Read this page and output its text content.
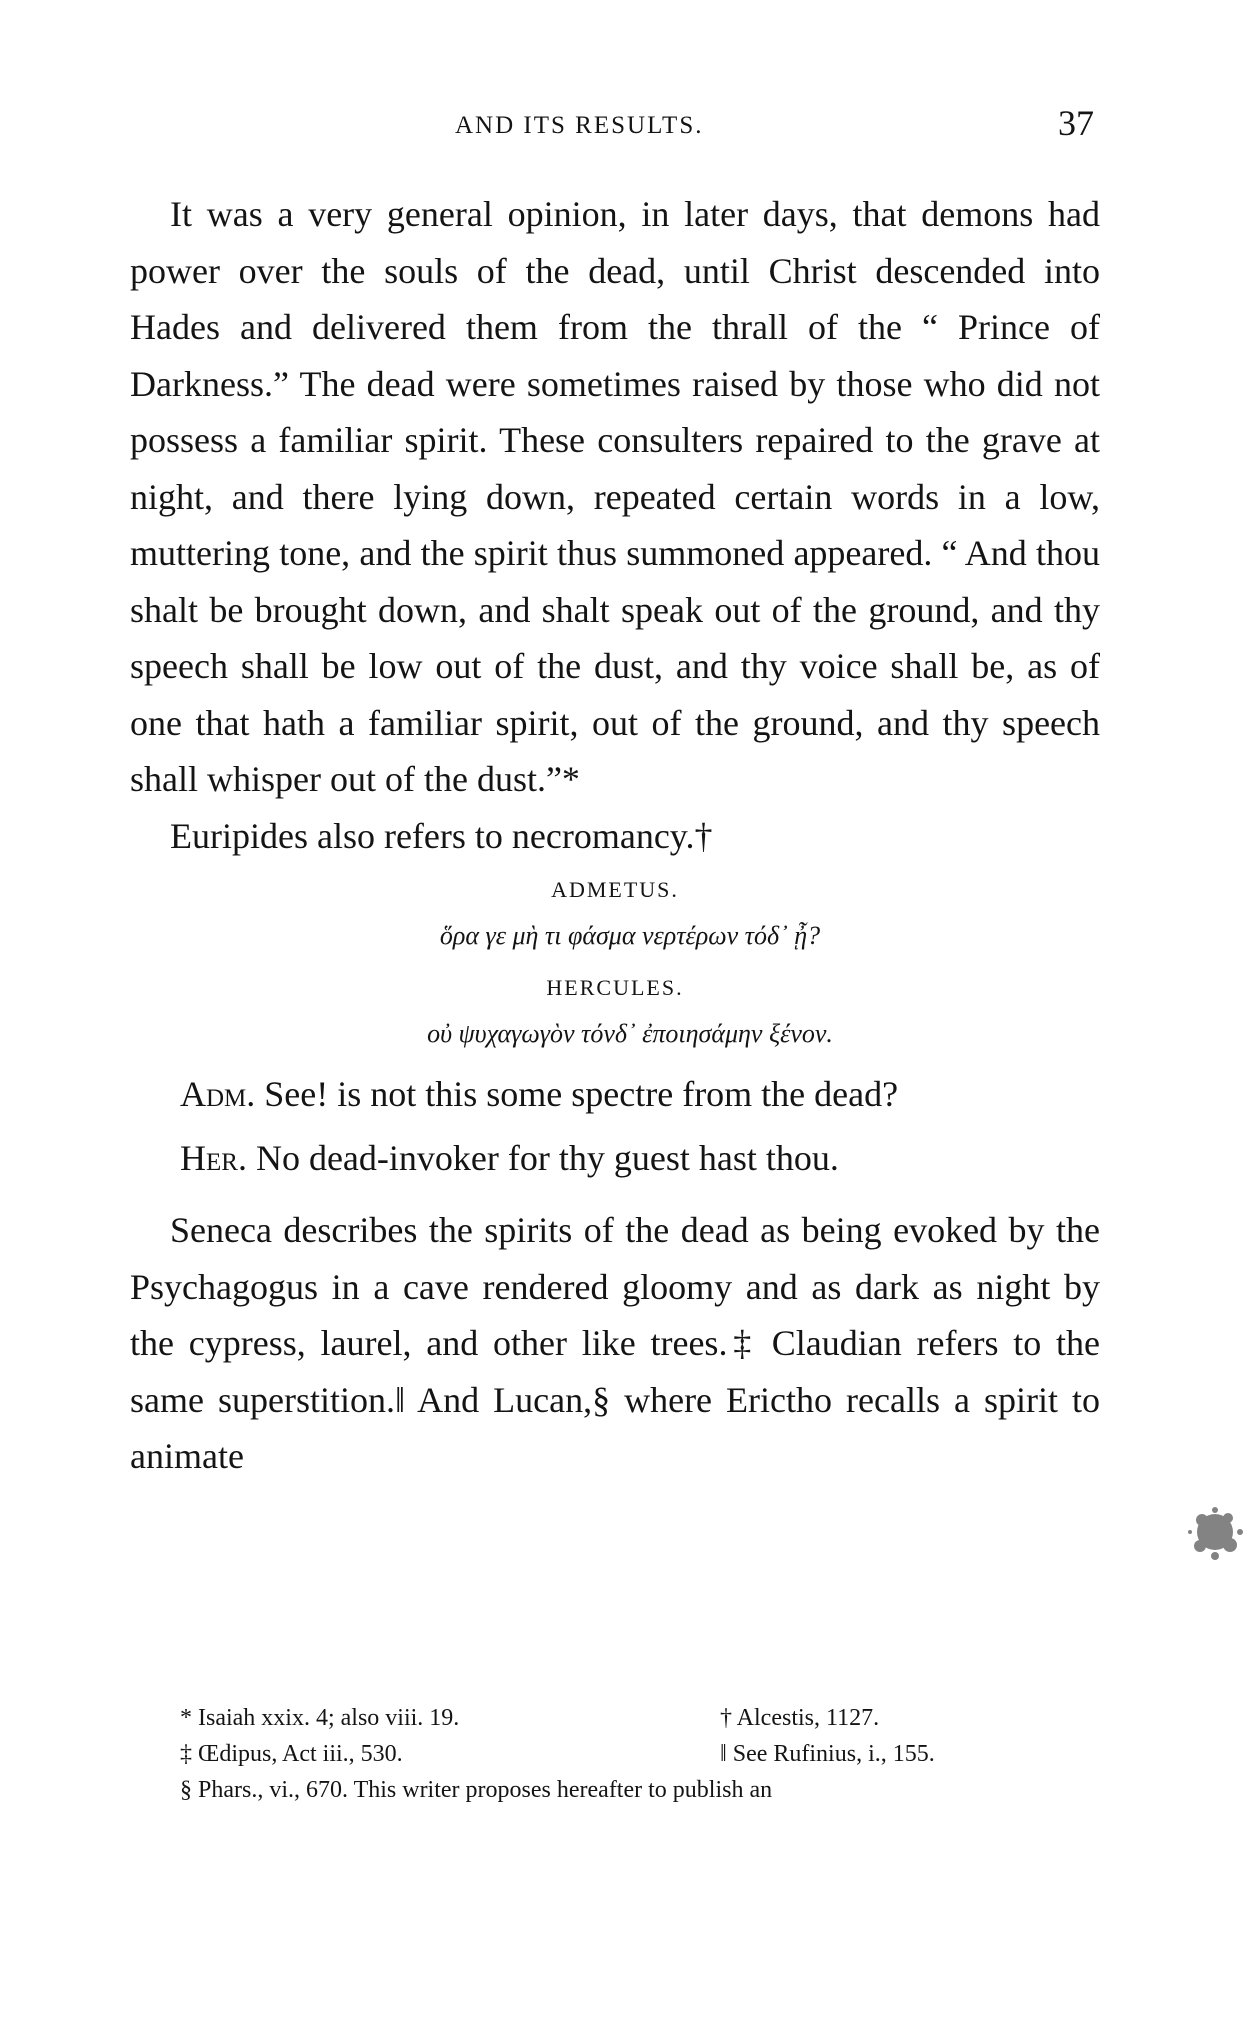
AND ITS RESULTS.	37

It was a very general opinion, in later days, that demons had power over the souls of the dead, until Christ descended into Hades and delivered them from the thrall of the “ Prince of Darkness.” The dead were sometimes raised by those who did not possess a familiar spirit. These consulters repaired to the grave at night, and there lying down, repeated certain words in a low, muttering tone, and the spirit thus summoned appeared. “ And thou shalt be brought down, and shalt speak out of the ground, and thy speech shall be low out of the dust, and thy voice shall be, as of one that hath a familiar spirit, out of the ground, and thy speech shall whisper out of the dust.”*

Euripides also refers to necromancy.†

ADMETUS.

ὅρα γε μὴ τι φάσμα νερτέρων τόδ᾽ ᾖ?

HERCULES.

οὐ ψυχαγωγὸν τόνδ᾽ ἐποιησάμην ξένον.

Adm. See! is not this some spectre from the dead?

Her. No dead-invoker for thy guest hast thou.

Seneca describes the spirits of the dead as being evoked by the Psychagogus in a cave rendered gloomy and as dark as night by the cypress, laurel, and other like trees.‡ Claudian refers to the same superstition.‖ And Lucan,§ where Erictho recalls a spirit to animate

* Isaiah xxix. 4; also viii. 19.	† Alcestis, 1127.
‡ Œdipus, Act iii., 530.	‖ See Rufinius, i., 155.
§ Phars., vi., 670. This writer proposes hereafter to publish an
